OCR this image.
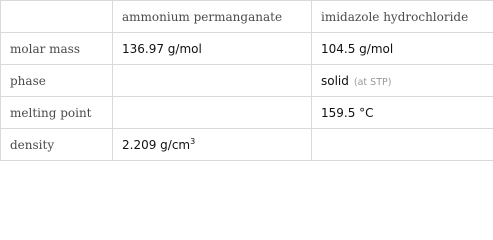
	ammonium permanganate	imidazole hydrochloride
molar mass	136.97 g/mol	104.5 g/mol
phase		solid (at STP)
melting point		159.5 °C
density	2.209 $g/cm^3$	
